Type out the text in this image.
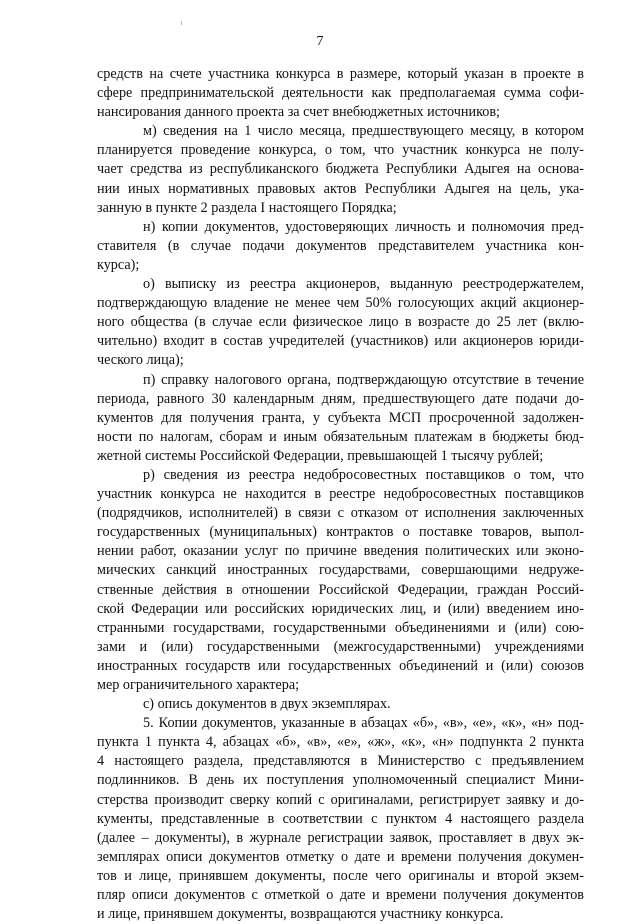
7
средств на счете участника конкурса в размере, который указан в проекте в
сфере предпринимательской деятельности как предполагаемая сумма софи-
нансирования данного проекта за счет внебюджетных источников;
м) сведения на 1 число месяца, предшествующего месяцу, в котором
планируется проведение конкурса, о том, что участник конкурса не полу-
чает средства из республиканского бюджета Республики Адыгея на основа-
нии иных нормативных правовых актов Республики Адыгея на цель, ука-
занную в пункте 2 раздела I настоящего Порядка;
н) копии документов, удостоверяющих личность и полномочия пред-
ставителя (в случае подачи документов представителем участника кон-
курса);
о) выписку из реестра акционеров, выданную реестродержателем,
подтверждающую владение не менее чем 50% голосующих акций акционер-
ного общества (в случае если физическое лицо в возрасте до 25 лет (вклю-
чительно) входит в состав учредителей (участников) или акционеров юриди-
ческого лица);
п) справку налогового органа, подтверждающую отсутствие в течение
периода, равного 30 календарным дням, предшествующего дате подачи до-
кументов для получения гранта, у субъекта МСП просроченной задолжен-
ности по налогам, сборам и иным обязательным платежам в бюджеты бюд-
жетной системы Российской Федерации, превышающей 1 тысячу рублей;
р) сведения из реестра недобросовестных поставщиков о том, что
участник конкурса не находится в реестре недобросовестных поставщиков
(подрядчиков, исполнителей) в связи с отказом от исполнения заключенных
государственных (муниципальных) контрактов о поставке товаров, выпол-
нении работ, оказании услуг по причине введения политических или эконо-
мических санкций иностранных государствами, совершающими недруже-
ственные действия в отношении Российской Федерации, граждан Россий-
ской Федерации или российских юридических лиц, и (или) введением ино-
странными государствами, государственными объединениями и (или) сою-
зами и (или) государственными (межгосударственными) учреждениями
иностранных государств или государственных объединений и (или) союзов
мер ограничительного характера;
с) опись документов в двух экземплярах.
5. Копии документов, указанные в абзацах «б», «в», «е», «к», «н» под-
пункта 1 пункта 4, абзацах «б», «в», «е», «ж», «к», «н» подпункта 2 пункта
4 настоящего раздела, представляются в Министерство с предъявлением
подлинников. В день их поступления уполномоченный специалист Мини-
стерства производит сверку копий с оригиналами, регистрирует заявку и до-
кументы, представленные в соответствии с пунктом 4 настоящего раздела
(далее – документы), в журнале регистрации заявок, проставляет в двух эк-
земплярах описи документов отметку о дате и времени получения докумен-
тов и лице, принявшем документы, после чего оригиналы и второй экзем-
пляр описи документов с отметкой о дате и времени получения документов
и лице, принявшем документы, возвращаются участнику конкурса.
